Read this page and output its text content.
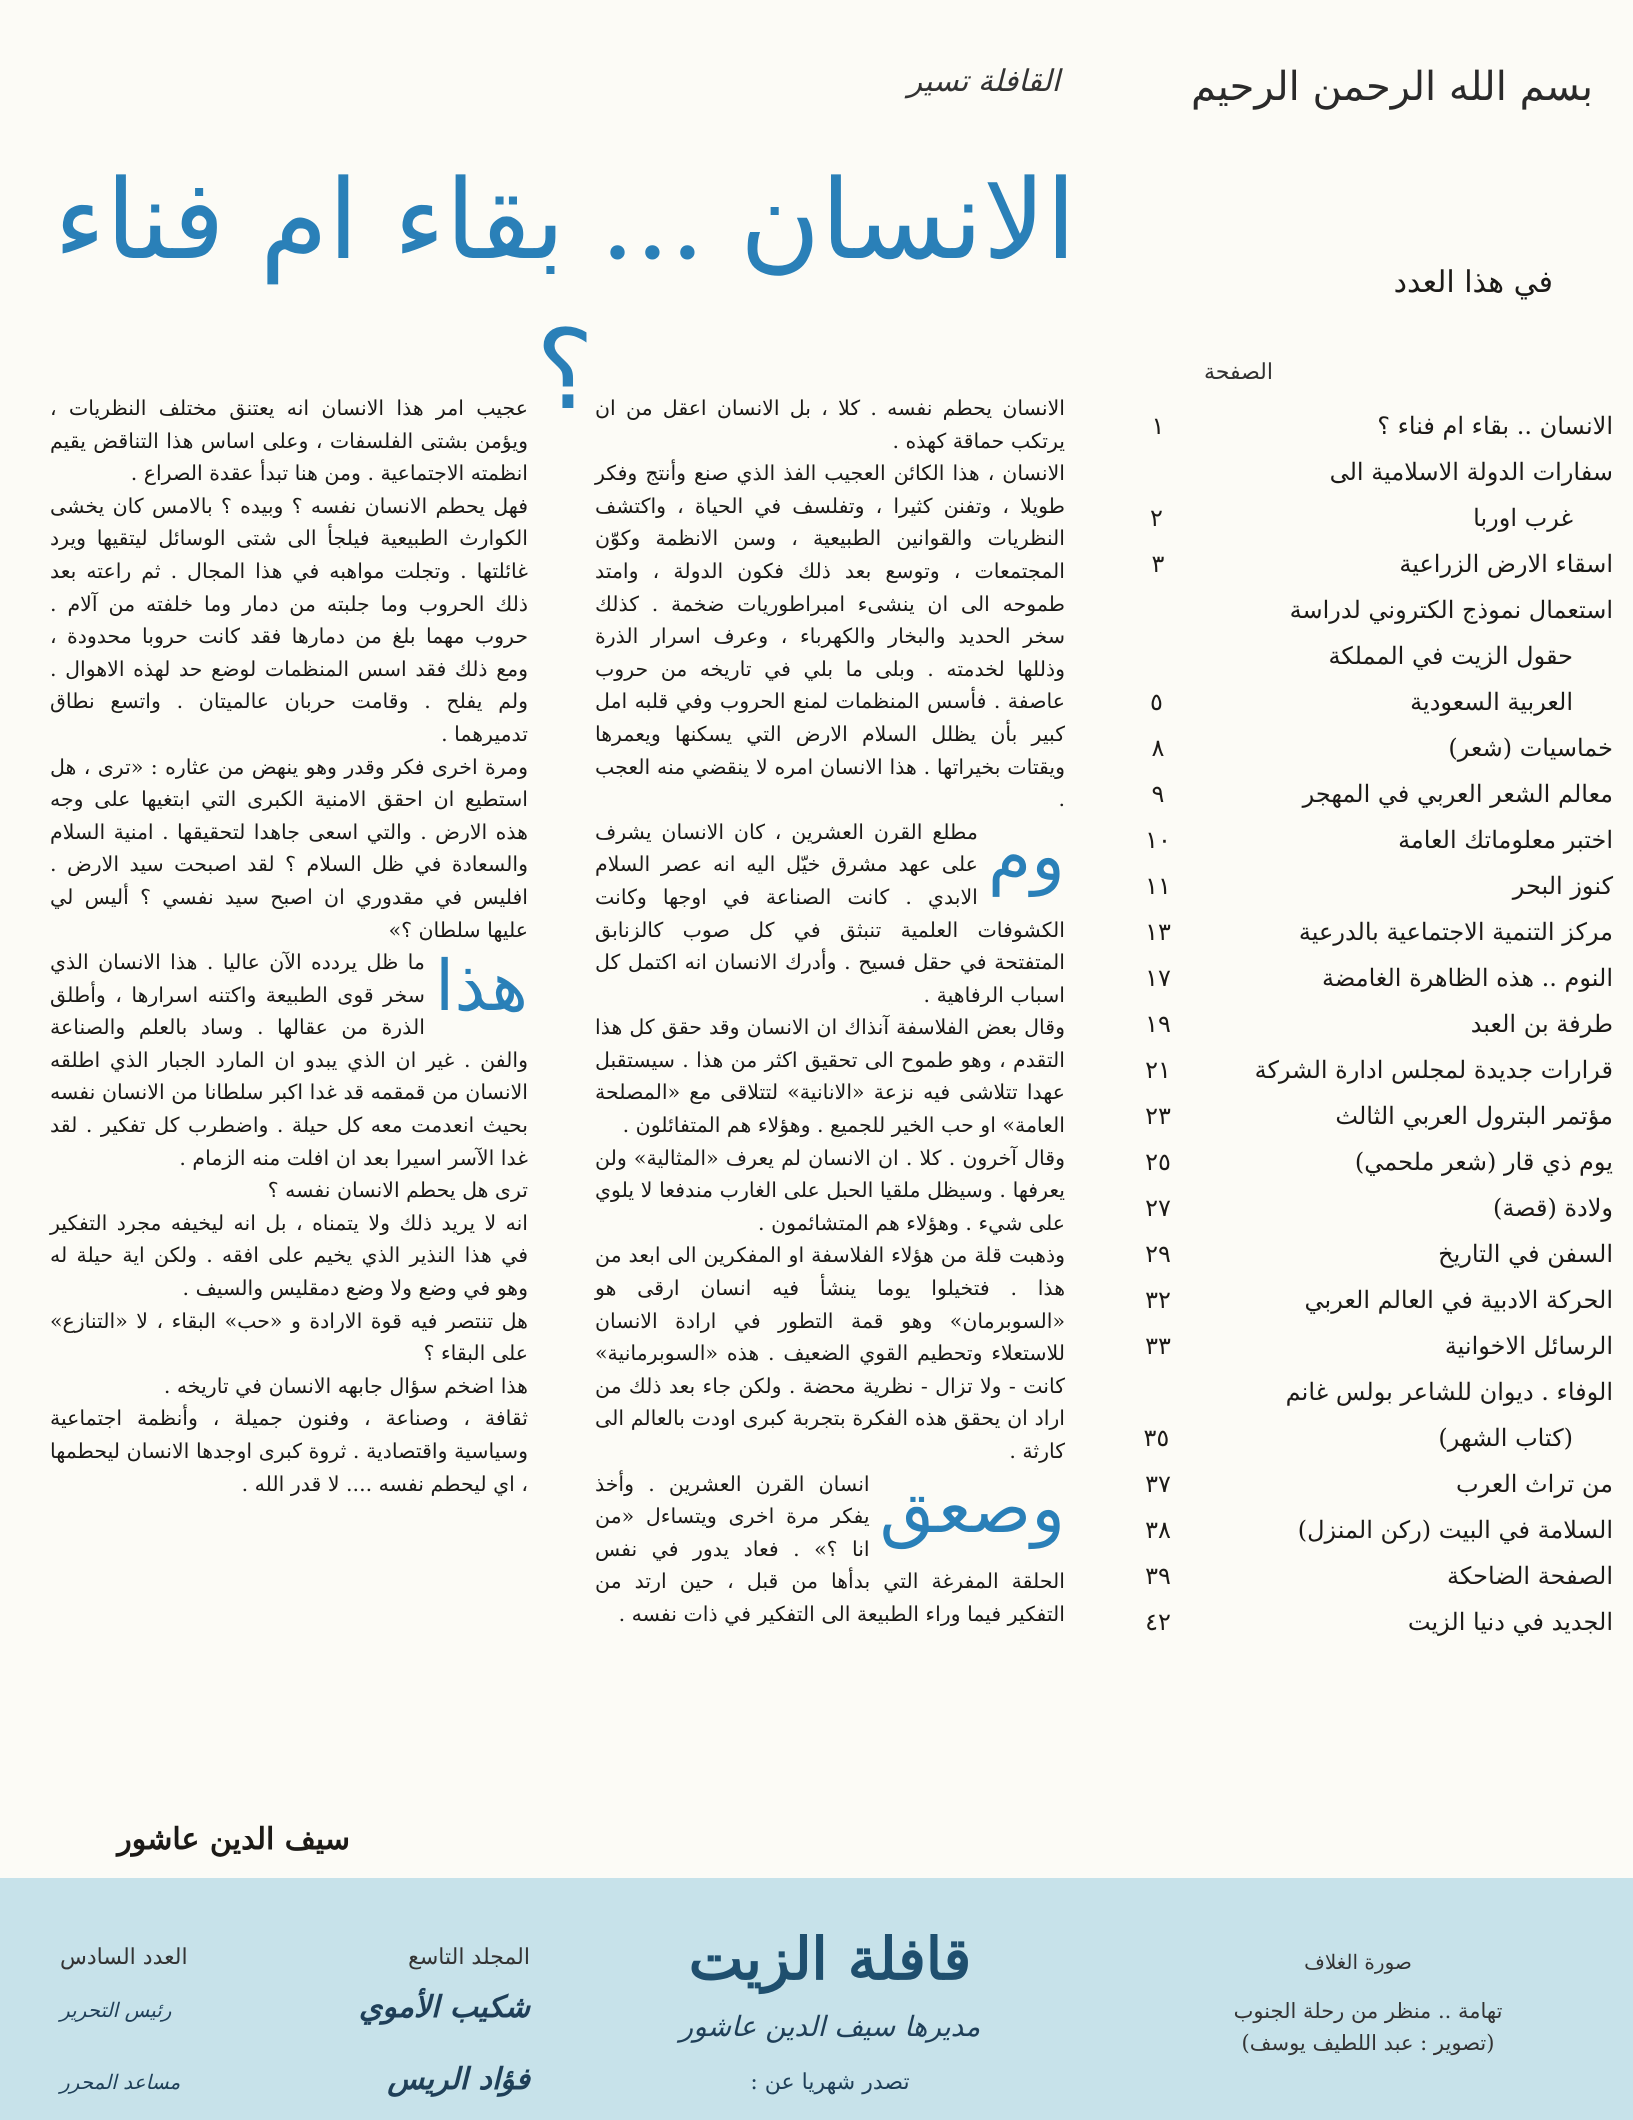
بسم الله الرحمن الرحيم
في هذا العدد
الصفحة
الانسان .. بقاء ام فناء ؟
١
سفارات الدولة الاسلامية الى
غرب اوربا
٢
اسقاء الارض الزراعية
٣
استعمال نموذج الكتروني لدراسة
حقول الزيت في المملكة
العربية السعودية
٥
خماسيات (شعر)
٨
معالم الشعر العربي في المهجر
٩
اختبر معلوماتك العامة
١٠
كنوز البحر
١١
مركز التنمية الاجتماعية بالدرعية
١٣
النوم .. هذه الظاهرة الغامضة
١٧
طرفة بن العبد
١٩
قرارات جديدة لمجلس ادارة الشركة
٢١
مؤتمر البترول العربي الثالث
٢٣
يوم ذي قار (شعر ملحمي)
٢٥
ولادة (قصة)
٢٧
السفن في التاريخ
٢٩
الحركة الادبية في العالم العربي
٣٢
الرسائل الاخوانية
٣٣
الوفاء . ديوان للشاعر بولس غانم
(كتاب الشهر)
٣٥
من تراث العرب
٣٧
السلامة في البيت (ركن المنزل)
٣٨
الصفحة الضاحكة
٣٩
الجديد في دنيا الزيت
٤٢
القافلة تسير
الانسان ... بقاء ام فناء ؟ الانسان يحطم نفسه . كلا ، بل الانسان اعقل من ان يرتكب حماقة كهذه .

الانسان ، هذا الكائن العجيب الفذ الذي صنع وأنتج وفكر طويلا ، وتفنن كثيرا ، وتفلسف في الحياة ، واكتشف النظريات والقوانين الطبيعية ، وسن الانظمة وكوّن المجتمعات ، وتوسع بعد ذلك فكون الدولة ، وامتد طموحه الى ان ينشىء امبراطوريات ضخمة . كذلك سخر الحديد والبخار والكهرباء ، وعرف اسرار الذرة وذللها لخدمته . وبلى ما بلي في تاريخه من حروب عاصفة . فأسس المنظمات لمنع الحروب وفي قلبه امل كبير بأن يظلل السلام الارض التي يسكنها ويعمرها ويقتات بخيراتها . هذا الانسان امره لا ينقضي منه العجب .

وم
مطلع القرن العشرين ، كان الانسان يشرف على عهد مشرق خيّل اليه انه عصر السلام الابدي . كانت الصناعة في اوجها وكانت الكشوفات العلمية تنبثق في كل صوب كالزنابق المتفتحة في حقل فسيح . وأدرك الانسان انه اكتمل كل اسباب الرفاهية .

وقال بعض الفلاسفة آنذاك ان الانسان وقد حقق كل هذا التقدم ، وهو طموح الى تحقيق اكثر من هذا . سيستقبل عهدا تتلاشى فيه نزعة «الانانية» لتتلاقى مع «المصلحة العامة» او حب الخير للجميع . وهؤلاء هم المتفائلون .

وقال آخرون . كلا . ان الانسان لم يعرف «المثالية» ولن يعرفها . وسيظل ملقيا الحبل على الغارب مندفعا لا يلوي على شيء . وهؤلاء هم المتشائمون .

وذهبت قلة من هؤلاء الفلاسفة او المفكرين الى ابعد من هذا . فتخيلوا يوما ينشأ فيه انسان ارقى هو «السوبرمان» وهو قمة التطور في ارادة الانسان للاستعلاء وتحطيم القوي الضعيف . هذه «السوبرمانية» كانت - ولا تزال - نظرية محضة . ولكن جاء بعد ذلك من اراد ان يحقق هذه الفكرة بتجربة كبرى اودت بالعالم الى كارثة .

وصعق
انسان القرن العشرين . وأخذ يفكر مرة اخرى ويتساءل «من انا ؟» . فعاد يدور في نفس الحلقة المفرغة التي بدأها من قبل ، حين ارتد من التفكير فيما وراء الطبيعة الى التفكير في ذات نفسه .

عجيب امر هذا الانسان انه يعتنق مختلف النظريات ، ويؤمن بشتى الفلسفات ، وعلى اساس هذا التناقض يقيم انظمته الاجتماعية . ومن هنا تبدأ عقدة الصراع .

فهل يحطم الانسان نفسه ؟ وبيده ؟ بالامس كان يخشى الكوارث الطبيعية فيلجأ الى شتى الوسائل ليتقيها ويرد غائلتها . وتجلت مواهبه في هذا المجال . ثم راعته بعد ذلك الحروب وما جلبته من دمار وما خلفته من آلام . حروب مهما بلغ من دمارها فقد كانت حروبا محدودة ، ومع ذلك فقد اسس المنظمات لوضع حد لهذه الاهوال . ولم يفلح . وقامت حربان عالميتان . واتسع نطاق تدميرهما .

ومرة اخرى فكر وقدر وهو ينهض من عثاره : «ترى ، هل استطيع ان احقق الامنية الكبرى التي ابتغيها على وجه هذه الارض . والتي اسعى جاهدا لتحقيقها . امنية السلام والسعادة في ظل السلام ؟ لقد اصبحت سيد الارض . افليس في مقدوري ان اصبح سيد نفسي ؟ أليس لي عليها سلطان ؟»

هذا
ما ظل يردده الآن عاليا . هذا الانسان الذي سخر قوى الطبيعة واكتنه اسرارها ، وأطلق الذرة من عقالها . وساد بالعلم والصناعة والفن . غير ان الذي يبدو ان المارد الجبار الذي اطلقه الانسان من قمقمه قد غدا اكبر سلطانا من الانسان نفسه بحيث انعدمت معه كل حيلة . واضطرب كل تفكير . لقد غدا الآسر اسيرا بعد ان افلت منه الزمام .

ترى هل يحطم الانسان نفسه ؟

انه لا يريد ذلك ولا يتمناه ، بل انه ليخيفه مجرد التفكير في هذا النذير الذي يخيم على افقه . ولكن اية حيلة له وهو في وضع ولا وضع دمقليس والسيف .

هل تنتصر فيه قوة الارادة و «حب» البقاء ، لا «التنازع» على البقاء ؟

هذا اضخم سؤال جابهه الانسان في تاريخه .

ثقافة ، وصناعة ، وفنون جميلة ، وأنظمة اجتماعية وسياسية واقتصادية . ثروة كبرى اوجدها الانسان ليحطمها ، اي ليحطم نفسه .... لا قدر الله .

سيف الدين عاشور
صورة الغلاف
تهامة .. منظر من رحلة الجنوب
(تصوير : عبد اللطيف يوسف)
قافلة الزيت
مديرها سيف الدين عاشور
تصدر شهريا عن :
المجلد التاسع
العدد السادس
شكيب الأموي
رئيس التحرير
فؤاد الريس
مساعد المحرر
